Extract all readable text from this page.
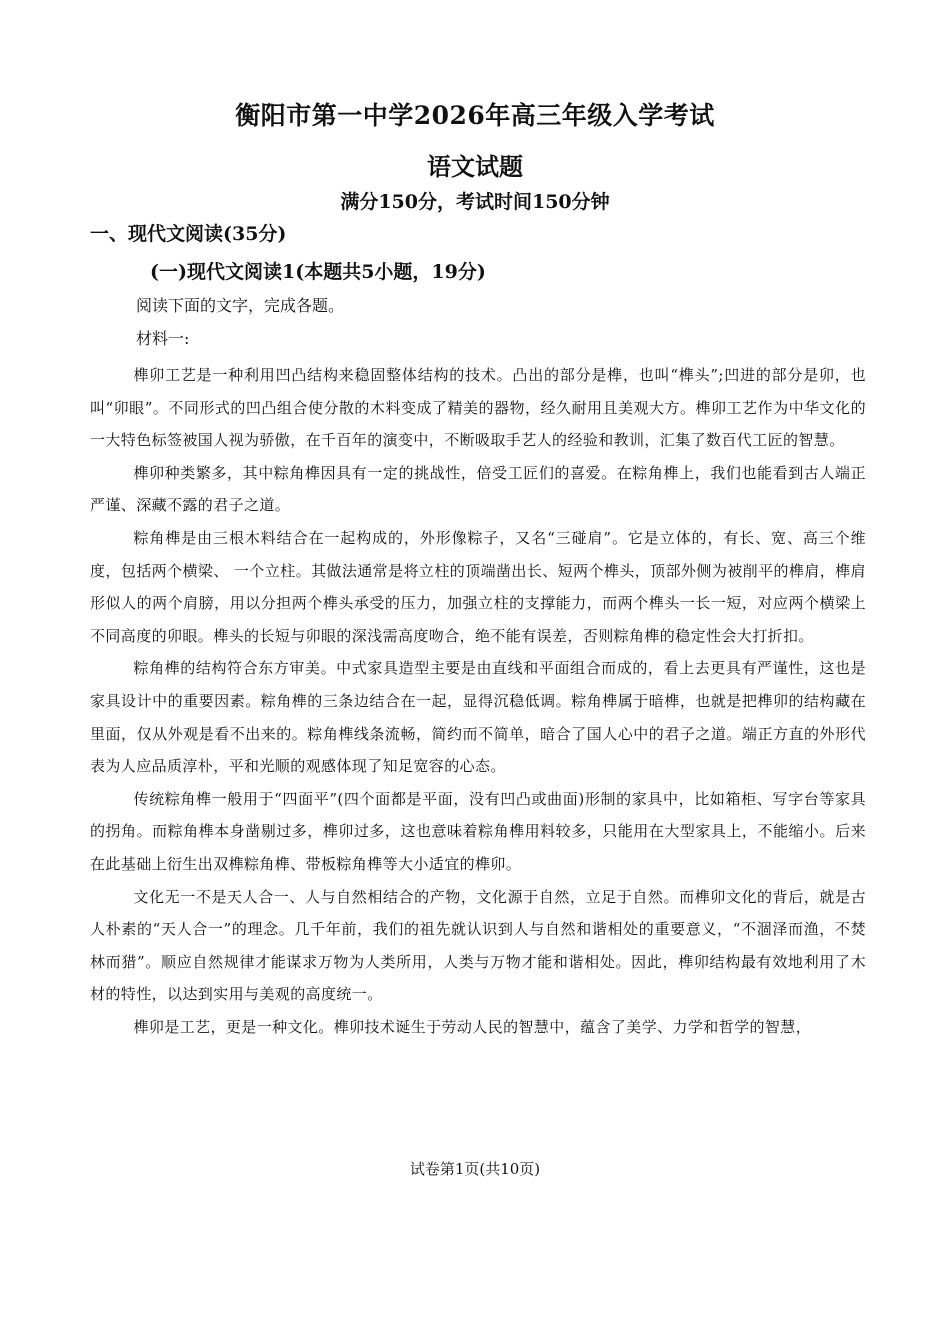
衡阳市第一中学2026年高三年级入学考试
语文试题
满分150分，考试时间150分钟
一、现代文阅读(35分)
(一)现代文阅读1(本题共5小题，19分)

阅读下面的文字，完成各题。

材料一:

榫卯工艺是一种利用凹凸结构来稳固整体结构的技术。凸出的部分是榫，也叫“榫头”;凹进的部分是卯，也叫“卯眼”。不同形式的凹凸组合使分散的木料变成了精美的器物，经久耐用且美观大方。榫卯工艺作为中华文化的一大特色标签被国人视为骄傲，在千百年的演变中，不断吸取手艺人的经验和教训，汇集了数百代工匠的智慧。

榫卯种类繁多，其中粽角榫因具有一定的挑战性，倍受工匠们的喜爱。在粽角榫上，我们也能看到古人端正严谨、深藏不露的君子之道。

粽角榫是由三根木料结合在一起构成的，外形像粽子，又名“三碰肩”。它是立体的，有长、宽、高三个维度，包括两个横梁、 一个立柱。其做法通常是将立柱的顶端凿出长、短两个榫头，顶部外侧为被削平的榫肩，榫肩形似人的两个肩膀，用以分担两个榫头承受的压力，加强立柱的支撑能力，而两个榫头一长一短，对应两个横梁上不同高度的卯眼。榫头的长短与卯眼的深浅需高度吻合，绝不能有误差，否则粽角榫的稳定性会大打折扣。

粽角榫的结构符合东方审美。中式家具造型主要是由直线和平面组合而成的，看上去更具有严谨性，这也是家具设计中的重要因素。粽角榫的三条边结合在一起，显得沉稳低调。粽角榫属于暗榫，也就是把榫卯的结构藏在里面，仅从外观是看不出来的。粽角榫线条流畅，简约而不简单，暗合了国人心中的君子之道。端正方直的外形代表为人应品质淳朴，平和光顺的观感体现了知足宽容的心态。

传统粽角榫一般用于“四面平”(四个面都是平面，没有凹凸或曲面)形制的家具中，比如箱柜、写字台等家具的拐角。而粽角榫本身凿剔过多，榫卯过多，这也意味着粽角榫用料较多，只能用在大型家具上，不能缩小。后来在此基础上衍生出双榫粽角榫、带板粽角榫等大小适宜的榫卯。

文化无一不是天人合一、人与自然相结合的产物，文化源于自然，立足于自然。而榫卯文化的背后，就是古人朴素的“天人合一”的理念。几千年前，我们的祖先就认识到人与自然和谐相处的重要意义，“不涸泽而渔，不焚林而猎”。顺应自然规律才能谋求万物为人类所用，人类与万物才能和谐相处。因此，榫卯结构最有效地利用了木材的特性，以达到实用与美观的高度统一。

榫卯是工艺，更是一种文化。榫卯技术诞生于劳动人民的智慧中，蕴含了美学、力学和哲学的智慧，

试卷第1页(共10页)
